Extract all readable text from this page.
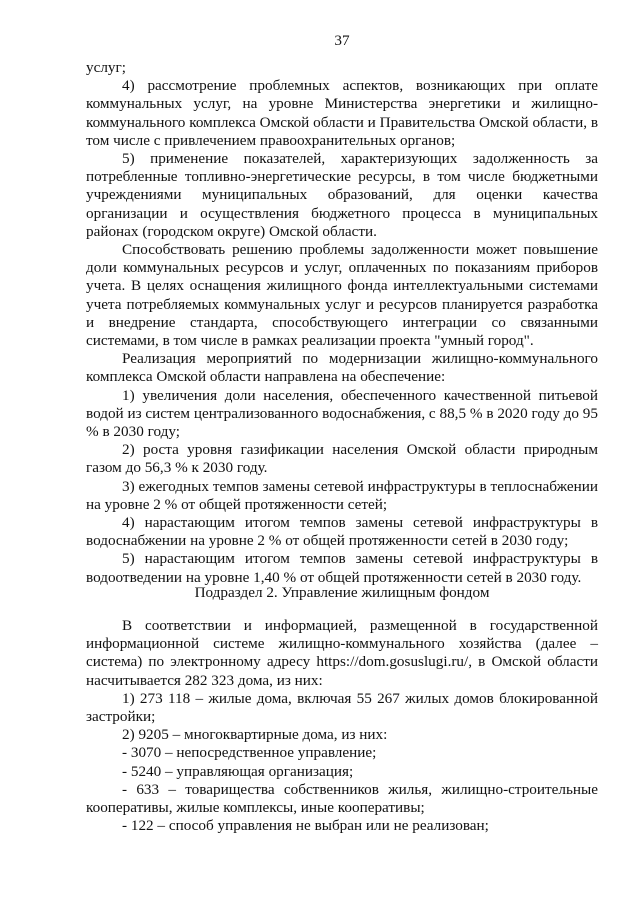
37

услуг;

4) рассмотрение проблемных аспектов, возникающих при оплате коммунальных услуг, на уровне Министерства энергетики и жилищно-коммунального комплекса Омской области и Правительства Омской области, в том числе с привлечением правоохранительных органов;

5) применение показателей, характеризующих задолженность за потребленные топливно-энергетические ресурсы, в том числе бюджетными учреждениями муниципальных образований, для оценки качества организации и осуществления бюджетного процесса в муниципальных районах (городском округе) Омской области.

Способствовать решению проблемы задолженности может повышение доли коммунальных ресурсов и услуг, оплаченных по показаниям приборов учета. В целях оснащения жилищного фонда интеллектуальными системами учета потребляемых коммунальных услуг и ресурсов планируется разработка и внедрение стандарта, способствующего интеграции со связанными системами, в том числе в рамках реализации проекта "умный город".

Реализация мероприятий по модернизации жилищно-коммунального комплекса Омской области направлена на обеспечение:

1) увеличения доли населения, обеспеченного качественной питьевой водой из систем централизованного водоснабжения, с 88,5 % в 2020 году до 95 % в 2030 году;

2) роста уровня газификации населения Омской области природным газом до 56,3 % к 2030 году.

3) ежегодных темпов замены сетевой инфраструктуры в теплоснабжении на уровне 2 % от общей протяженности сетей;

4) нарастающим итогом темпов замены сетевой инфраструктуры в водоснабжении на уровне 2 % от общей протяженности сетей в 2030 году;

5) нарастающим итогом темпов замены сетевой инфраструктуры в водоотведении на уровне 1,40 % от общей протяженности сетей в 2030 году.

Подраздел 2. Управление жилищным фондом

В соответствии и информацией, размещенной в государственной информационной системе жилищно-коммунального хозяйства (далее – система) по электронному адресу https://dom.gosuslugi.ru/, в Омской области насчитывается 282 323 дома, из них:

1) 273 118 – жилые дома, включая 55 267 жилых домов блокированной застройки;

2) 9205 – многоквартирные дома, из них:

- 3070 – непосредственное управление;

- 5240 – управляющая организация;

- 633 – товарищества собственников жилья, жилищно-строительные кооперативы, жилые комплексы, иные кооперативы;

- 122 – способ управления не выбран или не реализован;
